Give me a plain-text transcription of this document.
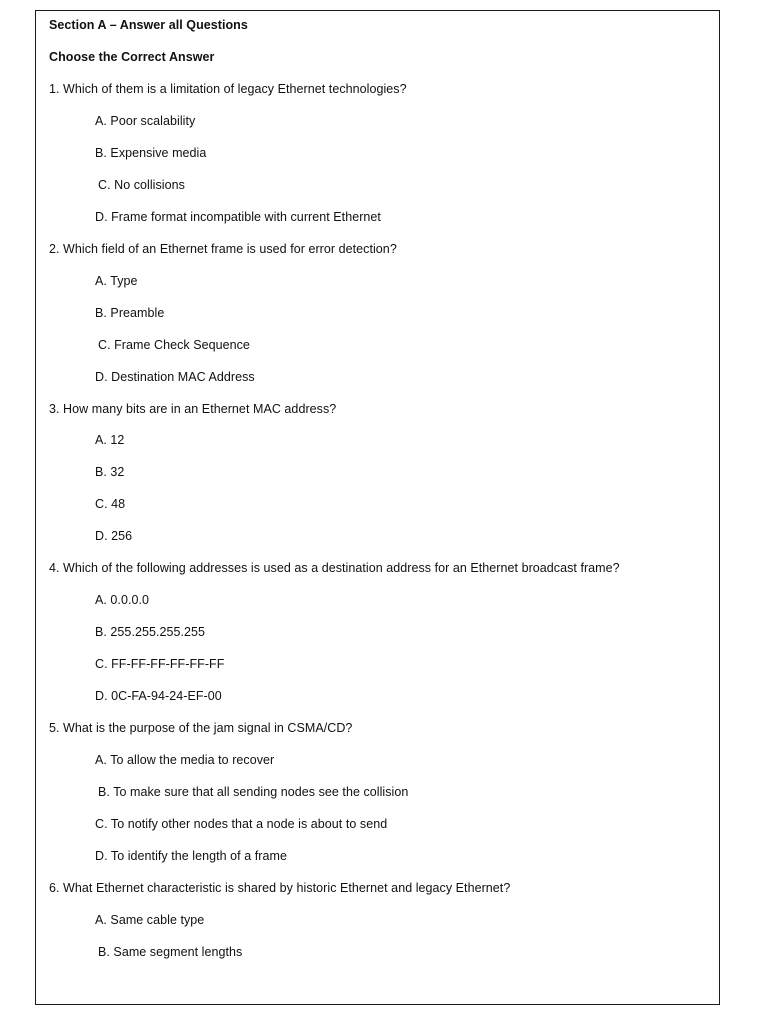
Section A – Answer all Questions
Choose the Correct Answer
1. Which of them is a limitation of legacy Ethernet technologies?
A. Poor scalability
B. Expensive media
C. No collisions
D. Frame format incompatible with current Ethernet
2. Which field of an Ethernet frame is used for error detection?
A. Type
B. Preamble
C. Frame Check Sequence
D. Destination MAC Address
3. How many bits are in an Ethernet MAC address?
A. 12
B. 32
C. 48
D. 256
4. Which of the following addresses is used as a destination address for an Ethernet broadcast frame?
A. 0.0.0.0
B. 255.255.255.255
C. FF-FF-FF-FF-FF-FF
D. 0C-FA-94-24-EF-00
5. What is the purpose of the jam signal in CSMA/CD?
A. To allow the media to recover
B. To make sure that all sending nodes see the collision
C. To notify other nodes that a node is about to send
D. To identify the length of a frame
6. What Ethernet characteristic is shared by historic Ethernet and legacy Ethernet?
A. Same cable type
B. Same segment lengths
